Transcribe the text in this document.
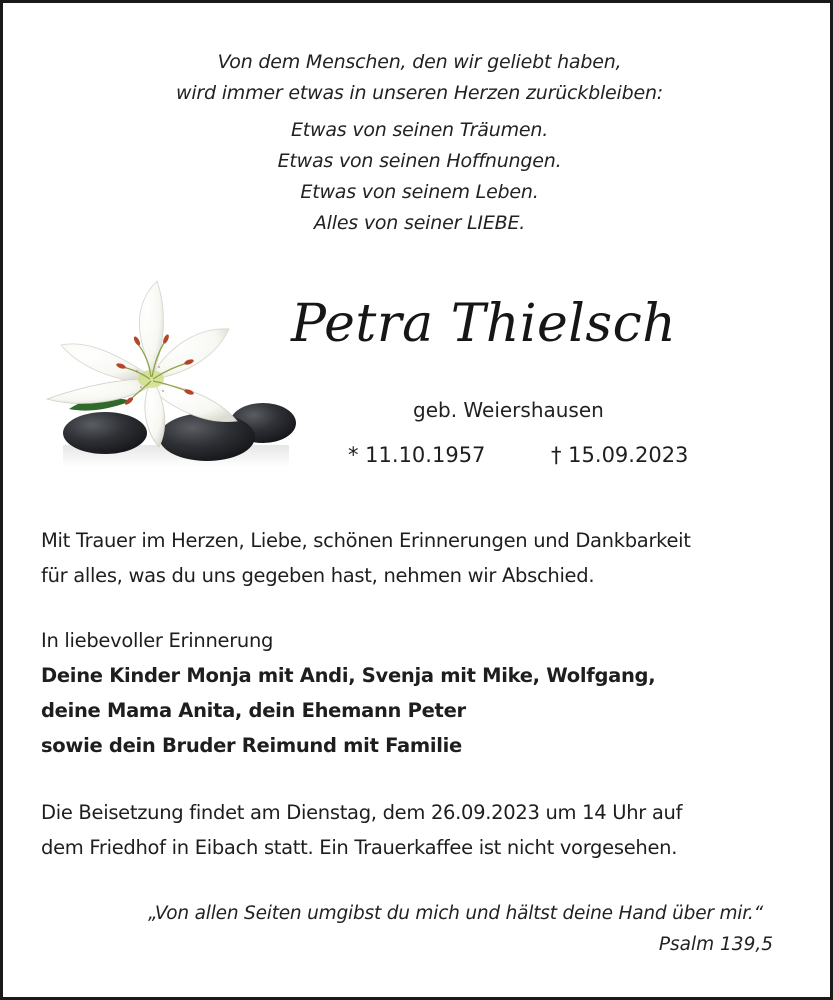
Von dem Menschen, den wir geliebt haben,
wird immer etwas in unseren Herzen zurückbleiben:
Etwas von seinen Träumen.
Etwas von seinen Hoffnungen.
Etwas von seinem Leben.
Alles von seiner LIEBE.
Petra Thielsch
geb. Weiershausen
* 11.10.1957	† 15.09.2023
Mit Trauer im Herzen, Liebe, schönen Erinnerungen und Dankbarkeit
für alles, was du uns gegeben hast, nehmen wir Abschied.
In liebevoller Erinnerung
Deine Kinder Monja mit Andi, Svenja mit Mike, Wolfgang,
deine Mama Anita, dein Ehemann Peter
sowie dein Bruder Reimund mit Familie
Die Beisetzung findet am Dienstag, dem 26.09.2023 um 14 Uhr auf
dem Friedhof in Eibach statt. Ein Trauerkaffee ist nicht vorgesehen.
„Von allen Seiten umgibst du mich und hältst deine Hand über mir.“
Psalm 139,5
